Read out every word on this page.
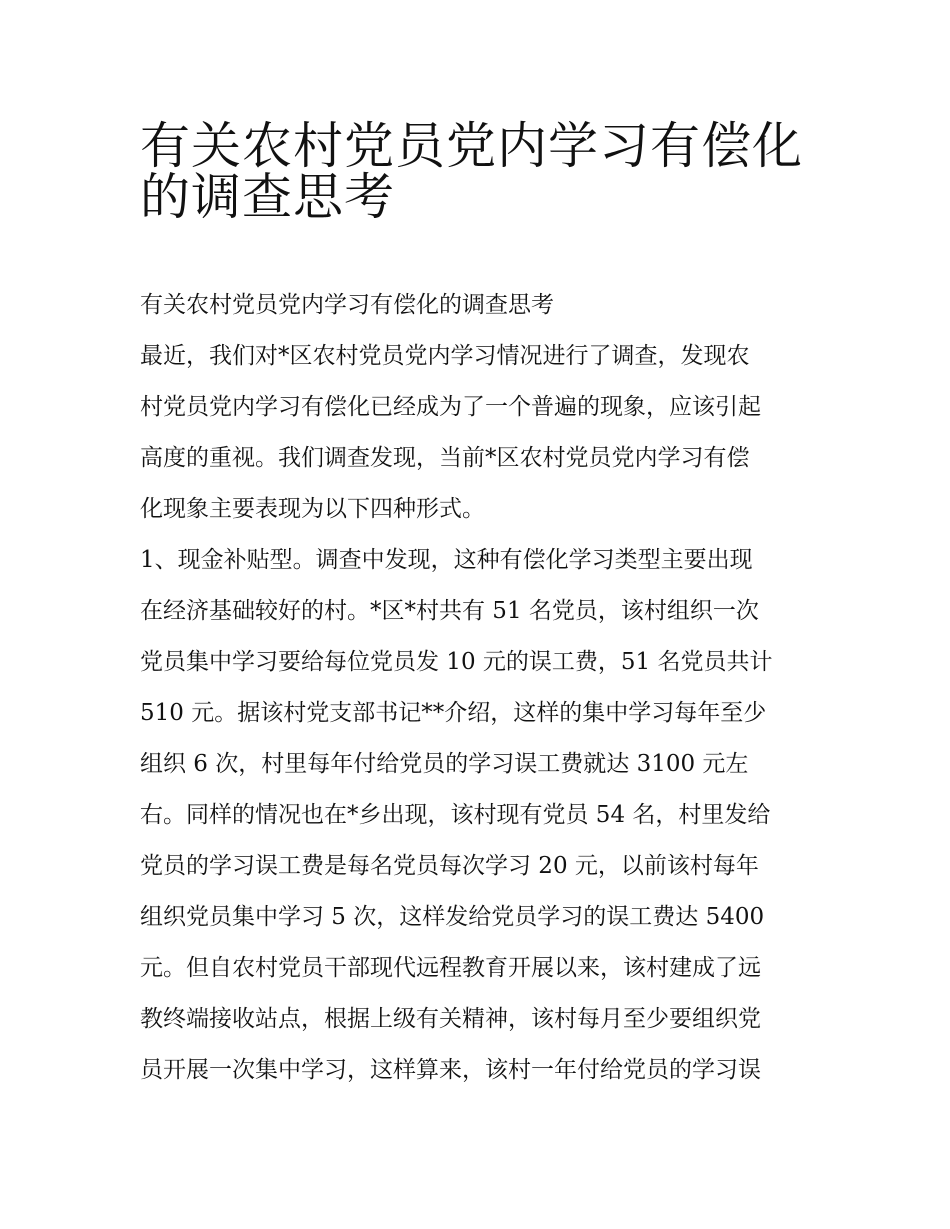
有关农村党员党内学习有偿化
的调查思考
有关农村党员党内学习有偿化的调查思考
最近，我们对*区农村党员党内学习情况进行了调查，发现农
村党员党内学习有偿化已经成为了一个普遍的现象，应该引起
高度的重视。我们调查发现，当前*区农村党员党内学习有偿
化现象主要表现为以下四种形式。
1、现金补贴型。调查中发现，这种有偿化学习类型主要出现
在经济基础较好的村。*区*村共有 51 名党员，该村组织一次
党员集中学习要给每位党员发 10 元的误工费，51 名党员共计
510 元。据该村党支部书记**介绍，这样的集中学习每年至少
组织 6 次，村里每年付给党员的学习误工费就达 3100 元左
右。同样的情况也在*乡出现，该村现有党员 54 名，村里发给
党员的学习误工费是每名党员每次学习 20 元，以前该村每年
组织党员集中学习 5 次，这样发给党员学习的误工费达 5400
元。但自农村党员干部现代远程教育开展以来，该村建成了远
教终端接收站点，根据上级有关精神，该村每月至少要组织党
员开展一次集中学习，这样算来，该村一年付给党员的学习误
